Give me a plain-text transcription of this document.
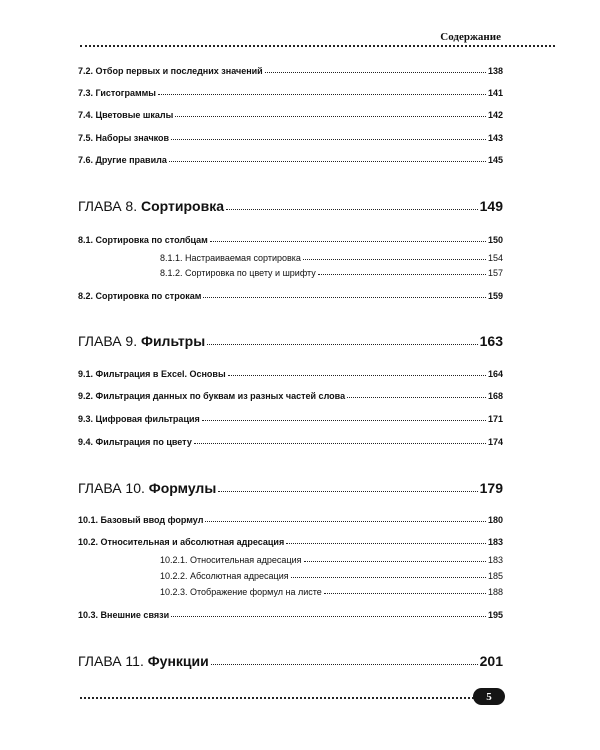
Содержание
7.2. Отбор первых и последних значений	138
7.3. Гистограммы	141
7.4. Цветовые шкалы	142
7.5. Наборы значков	143
7.6. Другие правила	145
ГЛАВА 8. Сортировка	149
8.1. Сортировка по столбцам	150
8.1.1. Настраиваемая сортировка	154
8.1.2. Сортировка по цвету и шрифту	157
8.2. Сортировка по строкам	159
ГЛАВА 9. Фильтры	163
9.1. Фильтрация в Excel. Основы	164
9.2. Фильтрация данных по буквам из разных частей слова	168
9.3. Цифровая фильтрация	171
9.4. Фильтрация по цвету	174
ГЛАВА 10. Формулы	179
10.1. Базовый ввод формул	180
10.2. Относительная и абсолютная адресация	183
10.2.1. Относительная адресация	183
10.2.2. Абсолютная адресация	185
10.2.3. Отображение формул на листе	188
10.3. Внешние связи	195
ГЛАВА 11. Функции	201
5
